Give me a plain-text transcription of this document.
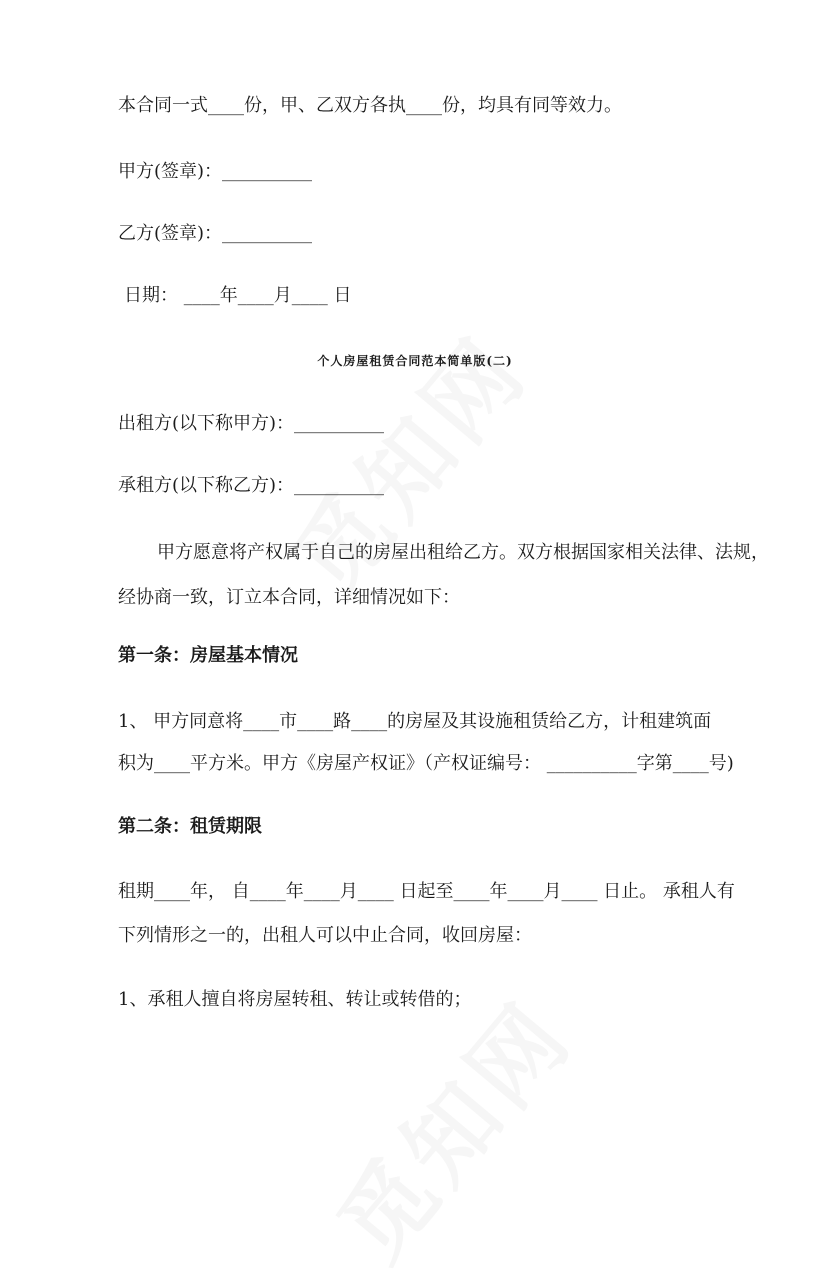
本合同一式____份，甲、乙双方各执____份，均具有同等效力。
甲方(签章)：__________
乙方(签章)：__________
日期： ____年____月____ 日
个人房屋租赁合同范本简单版(二)
出租方(以下称甲方)：__________
承租方(以下称乙方)：__________
甲方愿意将产权属于自己的房屋出租给乙方。双方根据国家相关法律、法规，
经协商一致，订立本合同，详细情况如下：
第一条：房屋基本情况
1、 甲方同意将____市____路____的房屋及其设施租赁给乙方，计租建筑面
积为____平方米。甲方《房屋产权证》（产权证编号： __________字第____号)
第二条：租赁期限
租期____年， 自____年____月____ 日起至____年____月____ 日止。 承租人有
下列情形之一的，出租人可以中止合同，收回房屋：
1、承租人擅自将房屋转租、转让或转借的；
